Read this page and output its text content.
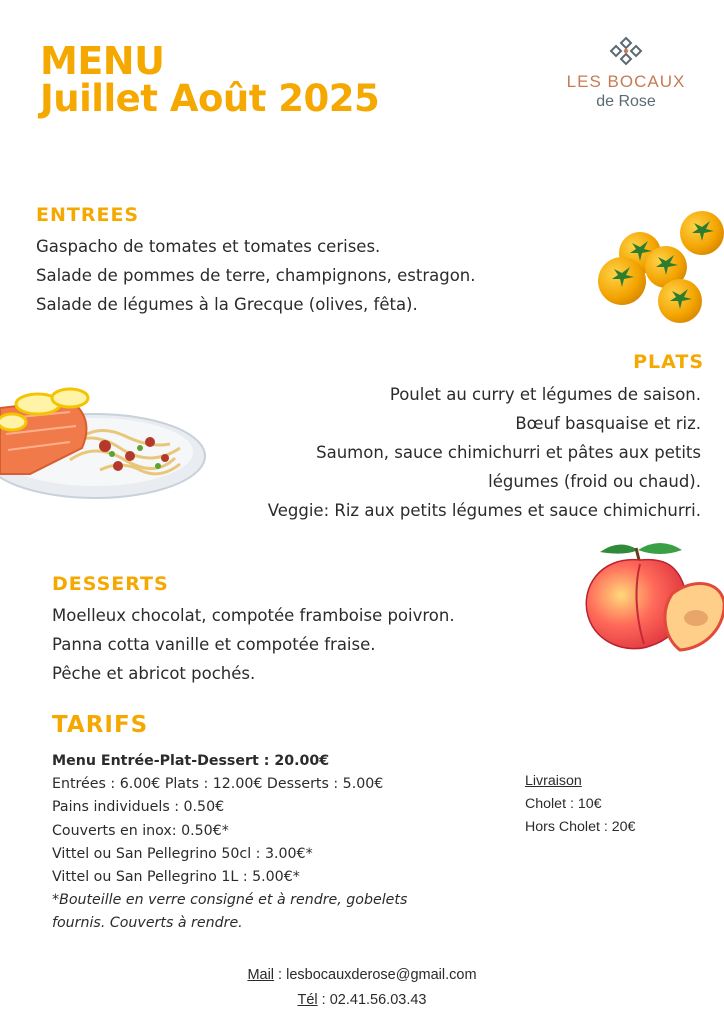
MENU
Juillet Août 2025	LES BOCAUX
de Rose
ENTREES
Gaspacho de tomates et tomates cerises.
Salade de pommes de terre, champignons, estragon.
Salade de légumes à la Grecque (olives, fêta).
PLATS
Poulet au curry et légumes de saison.
Bœuf basquaise et riz.
Saumon, sauce chimichurri et pâtes aux petits
légumes (froid ou chaud).
Veggie: Riz aux petits légumes et sauce chimichurri.
DESSERTS
Moelleux chocolat, compotée framboise poivron.
Panna cotta vanille et compotée fraise.
Pêche et abricot pochés.
TARIFS
Menu Entrée-Plat-Dessert : 20.00€
Entrées : 6.00€ Plats : 12.00€ Desserts : 5.00€
Pains individuels : 0.50€
Couverts en inox: 0.50€*
Vittel ou San Pellegrino 50cl : 3.00€*
Vittel ou San Pellegrino 1L : 5.00€*
*Bouteille en verre consigné et à rendre, gobelets
fournis. Couverts à rendre.
Livraison
Cholet : 10€
Hors Cholet : 20€
Mail : lesbocauxderose@gmail.com
Tél : 02.41.56.03.43
